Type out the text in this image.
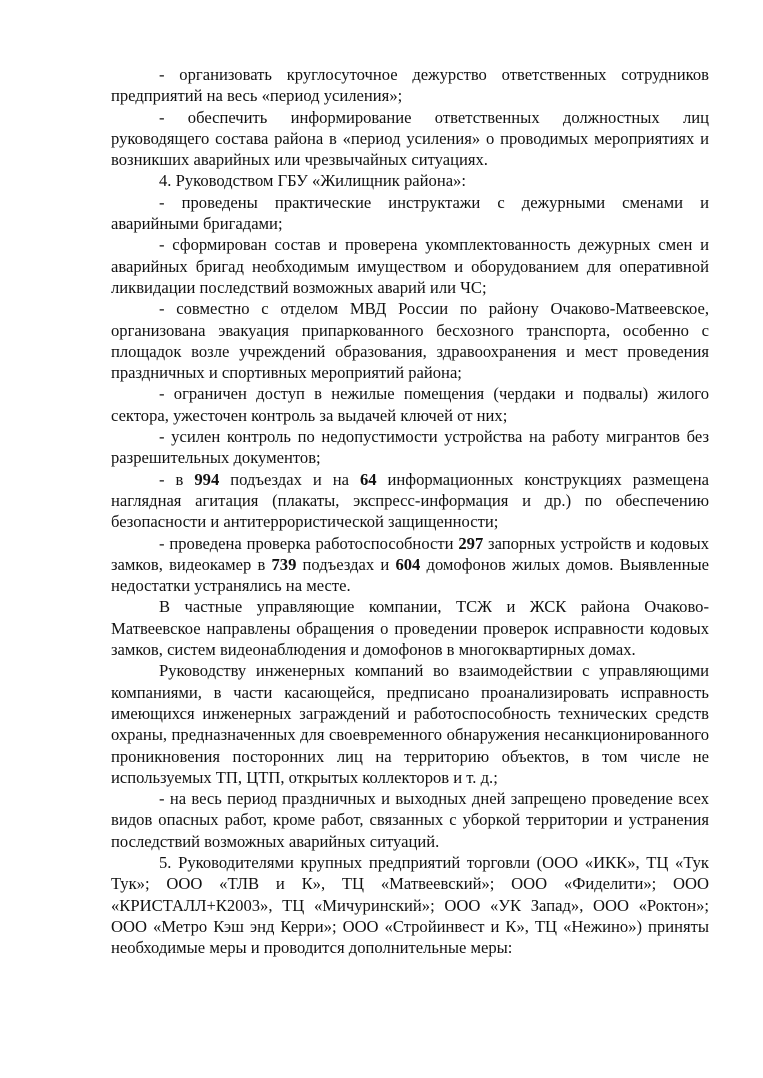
- организовать круглосуточное дежурство ответственных сотрудников предприятий на весь «период усиления»;

- обеспечить информирование ответственных должностных лиц руководящего состава района в «период усиления» о проводимых мероприятиях и возникших аварийных или чрезвычайных ситуациях.

4. Руководством ГБУ «Жилищник района»:

- проведены практические инструктажи с дежурными сменами и аварийными бригадами;

- сформирован состав и проверена укомплектованность дежурных смен и аварийных бригад необходимым имуществом и оборудованием для оперативной ликвидации последствий возможных аварий или ЧС;

- совместно с отделом МВД России по району Очаково-Матвеевское, организована эвакуация припаркованного бесхозного транспорта, особенно с площадок возле учреждений образования, здравоохранения и мест проведения праздничных и спортивных мероприятий района;

- ограничен доступ в нежилые помещения (чердаки и подвалы) жилого сектора, ужесточен контроль за выдачей ключей от них;

- усилен контроль по недопустимости устройства на работу мигрантов без разрешительных документов;

- в 994 подъездах и на 64 информационных конструкциях размещена наглядная агитация (плакаты, экспресс-информация и др.) по обеспечению безопасности и антитеррористической защищенности;

- проведена проверка работоспособности 297 запорных устройств и кодовых замков, видеокамер в 739 подъездах и 604 домофонов жилых домов. Выявленные недостатки устранялись на месте.

В частные управляющие компании, ТСЖ и ЖСК района Очаково-Матвеевское направлены обращения о проведении проверок исправности кодовых замков, систем видеонаблюдения и домофонов в многоквартирных домах.

Руководству инженерных компаний во взаимодействии с управляющими компаниями, в части касающейся, предписано проанализировать исправность имеющихся инженерных заграждений и работоспособность технических средств охраны, предназначенных для своевременного обнаружения несанкционированного проникновения посторонних лиц на территорию объектов, в том числе не используемых ТП, ЦТП, открытых коллекторов и т. д.;

- на весь период праздничных и выходных дней запрещено проведение всех видов опасных работ, кроме работ, связанных с уборкой территории и устранения последствий возможных аварийных ситуаций.

5. Руководителями крупных предприятий торговли (ООО «ИКК», ТЦ «Тук Тук»; ООО «ТЛВ и К», ТЦ «Матвеевский»; ООО «Фиделити»; ООО «КРИСТАЛЛ+К2003», ТЦ «Мичуринский»; ООО «УК Запад», ООО «Роктон»; ООО «Метро Кэш энд Керри»; ООО «Стройинвест и К», ТЦ «Нежино») приняты необходимые меры и проводится дополнительные меры:
